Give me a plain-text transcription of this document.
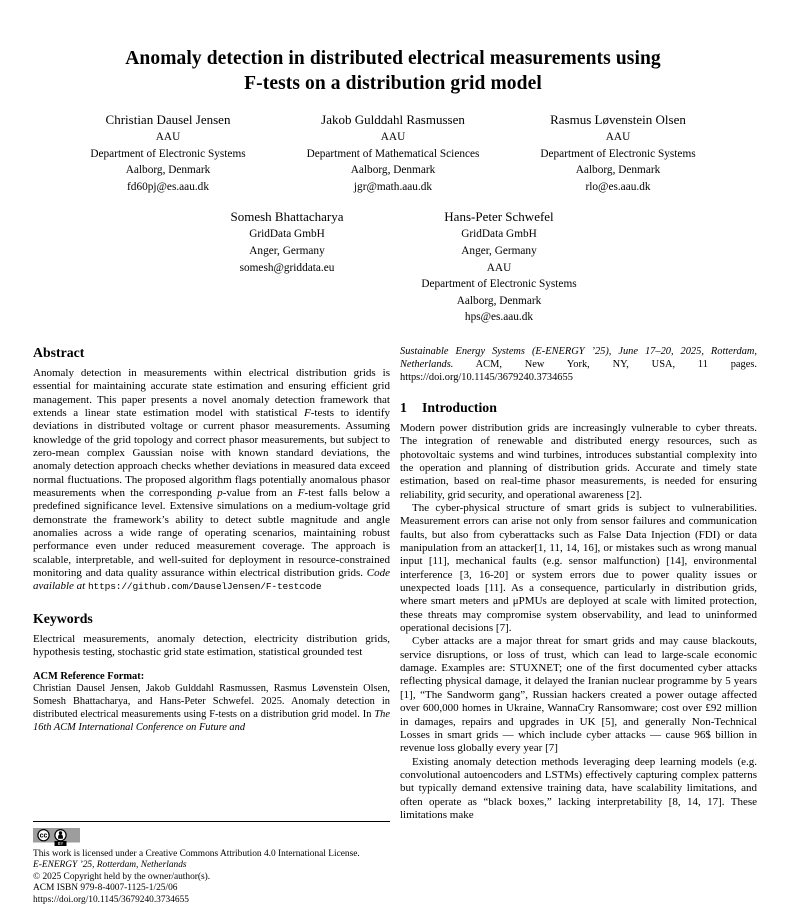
Anomaly detection in distributed electrical measurements using
F-tests on a distribution grid model
Christian Dausel Jensen
AAU
Department of Electronic Systems
Aalborg, Denmark
fd60pj@es.aau.dk
Jakob Gulddahl Rasmussen
AAU
Department of Mathematical Sciences
Aalborg, Denmark
jgr@math.aau.dk
Rasmus Løvenstein Olsen
AAU
Department of Electronic Systems
Aalborg, Denmark
rlo@es.aau.dk
Somesh Bhattacharya
GridData GmbH
Anger, Germany
somesh@griddata.eu
Hans-Peter Schwefel
GridData GmbH
Anger, Germany
AAU
Department of Electronic Systems
Aalborg, Denmark
hps@es.aau.dk
Abstract

Anomaly detection in measurements within electrical distribution grids is essential for maintaining accurate state estimation and ensuring efficient grid management. This paper presents a novel anomaly detection framework that extends a linear state estimation model with statistical F-tests to identify deviations in distributed voltage or current phasor measurements. Assuming knowledge of the grid topology and correct phasor measurements, but subject to zero-mean complex Gaussian noise with known standard deviations, the anomaly detection approach checks whether deviations in measured data exceed normal fluctuations. The proposed algorithm flags potentially anomalous phasor measurements when the corresponding p-value from an F-test falls below a predefined significance level. Extensive simulations on a medium-voltage grid demonstrate the framework’s ability to detect subtle magnitude and angle anomalies across a wide range of operating scenarios, maintaining robust performance even under reduced measurement coverage. The approach is scalable, interpretable, and well-suited for deployment in resource-constrained monitoring and data quality assurance within electrical distribution grids. Code available at https://github.com/DauselJensen/F-testcode

Keywords

Electrical measurements, anomaly detection, electricity distribution grids, hypothesis testing, stochastic grid state estimation, statistical grounded test

ACM Reference Format:

Christian Dausel Jensen, Jakob Gulddahl Rasmussen, Rasmus Løvenstein Olsen, Somesh Bhattacharya, and Hans-Peter Schwefel. 2025. Anomaly detection in distributed electrical measurements using F-tests on a distribution grid model. In The 16th ACM International Conference on Future and

cc
BY
This work is licensed under a Creative Commons Attribution 4.0 International License.
E-ENERGY ’25, Rotterdam, Netherlands
© 2025 Copyright held by the owner/author(s).
ACM ISBN 979-8-4007-1125-1/25/06
https://doi.org/10.1145/3679240.3734655

Sustainable Energy Systems (E-ENERGY ’25), June 17–20, 2025, Rotterdam, Netherlands. ACM, New York, NY, USA, 11 pages. https://doi.org/10.1145/3679240.3734655

1 Introduction

Modern power distribution grids are increasingly vulnerable to cyber threats. The integration of renewable and distributed energy resources, such as photovoltaic systems and wind turbines, introduces substantial complexity into the operation and planning of distribution grids. Accurate and timely state estimation, based on real-time phasor measurements, is needed for ensuring reliability, grid security, and operational awareness [2].

The cyber-physical structure of smart grids is subject to vulnerabilities. Measurement errors can arise not only from sensor failures and communication faults, but also from cyberattacks such as False Data Injection (FDI) or data manipulation from an attacker[1, 11, 14, 16], or mistakes such as wrong manual input [11], mechanical faults (e.g. sensor malfunction) [14], environmental interference [3, 16-20] or system errors due to power quality issues or unexpected loads [11]. As a consequence, particularly in distribution grids, where smart meters and μPMUs are deployed at scale with limited protection, these threats may compromise system observability, and lead to uninformed operational decisions [7].

Cyber attacks are a major threat for smart grids and may cause blackouts, service disruptions, or loss of trust, which can lead to large-scale economic damage. Examples are: STUXNET; one of the first documented cyber attacks reflecting physical damage, it delayed the Iranian nuclear programme by 5 years [1], “The Sandworm gang”, Russian hackers created a power outage affected over 600,000 homes in Ukraine, WannaCry Ransomware; cost over £92 million in damages, repairs and upgrades in UK [5], and generally Non-Technical Losses in smart grids — which include cyber attacks — cause 96$ billion in revenue loss globally every year [7]

Existing anomaly detection methods leveraging deep learning models (e.g. convolutional autoencoders and LSTMs) effectively capturing complex patterns but typically demand extensive training data, have scalability limitations, and often operate as “black boxes,” lacking interpretability [8, 14, 17]. These limitations make
